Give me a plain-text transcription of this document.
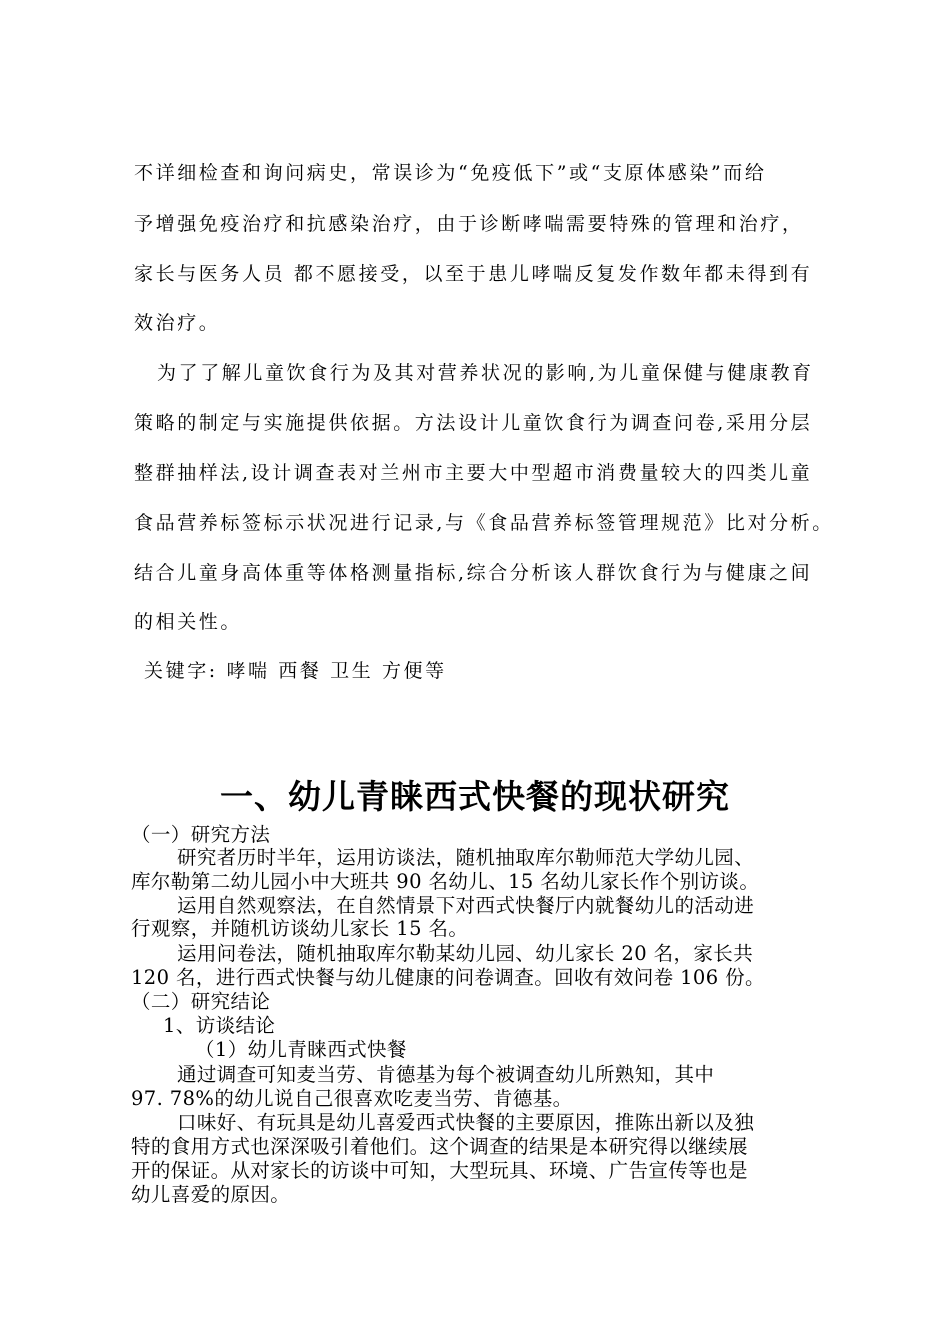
不详细检查和询问病史，常误诊为“免疫低下”或“支原体感染”而给
予增强免疫治疗和抗感染治疗，由于诊断哮喘需要特殊的管理和治疗，
家长与医务人员 都不愿接受，以至于患儿哮喘反复发作数年都未得到有
效治疗。
为了了解儿童饮食行为及其对营养状况的影响,为儿童保健与健康教育
策略的制定与实施提供依据。方法设计儿童饮食行为调查问卷,采用分层
整群抽样法,设计调查表对兰州市主要大中型超市消费量较大的四类儿童
食品营养标签标示状况进行记录,与《食品营养标签管理规范》比对分析。
结合儿童身高体重等体格测量指标,综合分析该人群饮食行为与健康之间
的相关性。
关键字: 哮喘 西餐 卫生 方便等
一、幼儿青睐西式快餐的现状研究
（一）研究方法
研究者历时半年，运用访谈法，随机抽取库尔勒师范大学幼儿园、
库尔勒第二幼儿园小中大班共 90 名幼儿、15 名幼儿家长作个别访谈。
运用自然观察法，在自然情景下对西式快餐厅内就餐幼儿的活动进
行观察，并随机访谈幼儿家长 15 名。
运用问卷法，随机抽取库尔勒某幼儿园、幼儿家长 20 名，家长共
120 名，进行西式快餐与幼儿健康的问卷调查。回收有效问卷 106 份。
（二）研究结论
1、访谈结论
（1）幼儿青睐西式快餐
通过调查可知麦当劳、肯德基为每个被调查幼儿所熟知，其中
97. 78%的幼儿说自己很喜欢吃麦当劳、肯德基。
口味好、有玩具是幼儿喜爱西式快餐的主要原因，推陈出新以及独
特的食用方式也深深吸引着他们。这个调查的结果是本研究得以继续展
开的保证。从对家长的访谈中可知，大型玩具、环境、广告宣传等也是
幼儿喜爱的原因。
